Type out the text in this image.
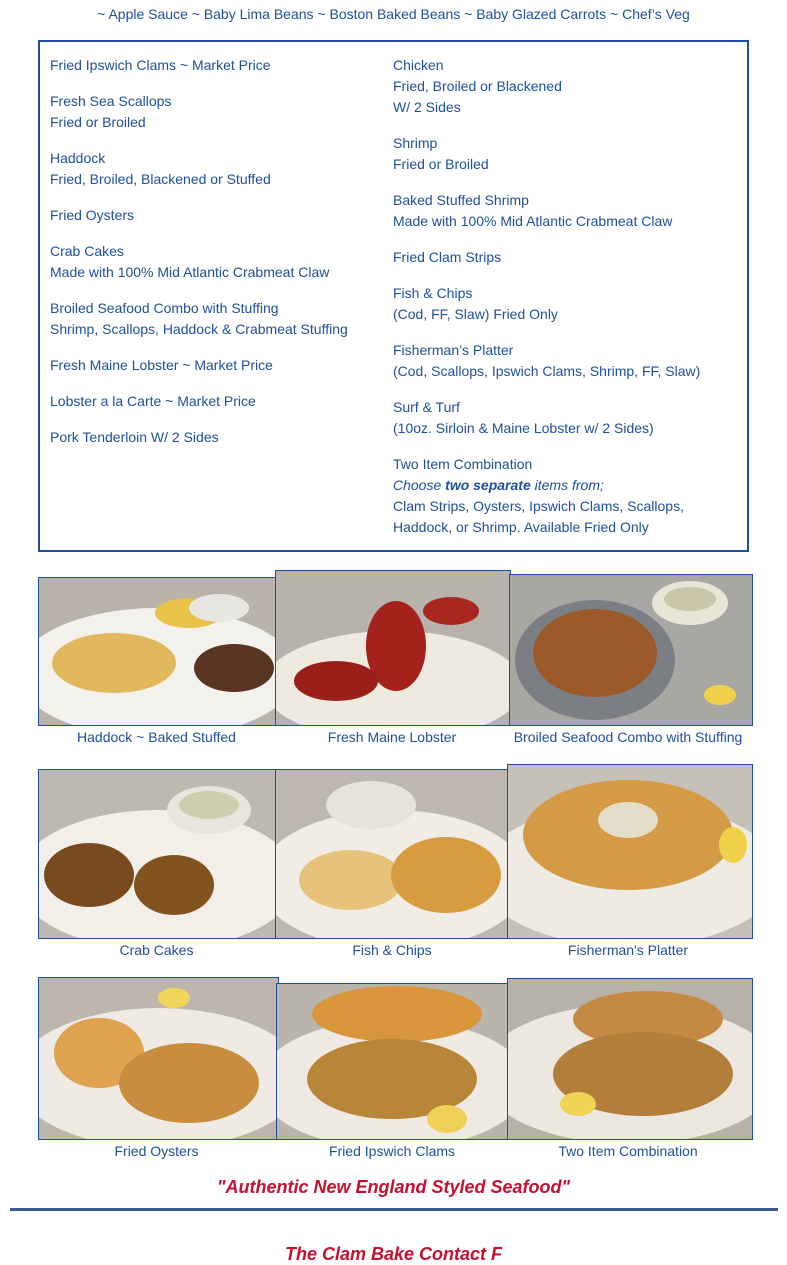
~ Apple Sauce ~ Baby Lima Beans ~ Boston Baked Beans ~ Baby Glazed Carrots ~ Chef’s Veg
Fried Ipswich Clams ~ Market Price
Fresh Sea Scallops
Fried or Broiled
Haddock
Fried, Broiled, Blackened or Stuffed
Fried Oysters
Crab Cakes
Made with 100% Mid Atlantic Crabmeat Claw
Broiled Seafood Combo with Stuffing
Shrimp, Scallops, Haddock & Crabmeat Stuffing
Fresh Maine Lobster ~ Market Price
Lobster a la Carte ~ Market Price
Pork Tenderloin W/ 2 Sides
Chicken
Fried, Broiled or Blackened
W/ 2 Sides
Shrimp
Fried or Broiled
Baked Stuffed Shrimp
Made with 100% Mid Atlantic Crabmeat Claw
Fried Clam Strips
Fish & Chips
(Cod, FF, Slaw) Fried Only
Fisherman’s Platter
(Cod, Scallops, Ipswich Clams, Shrimp, FF, Slaw)
Surf & Turf
(10oz. Sirloin & Maine Lobster w/ 2 Sides)
Two Item Combination
Choose two separate items from;
Clam Strips, Oysters, Ipswich Clams, Scallops,
Haddock, or Shrimp. Available Fried Only
Haddock ~ Baked Stuffed	Fresh Maine Lobster	Broiled Seafood Combo with Stuffing
Crab Cakes	Fish & Chips	Fisherman's Platter
Fried Oysters	Fried Ipswich Clams	Two Item Combination
"Authentic New England Styled Seafood"
The Clam Bake Contact F
